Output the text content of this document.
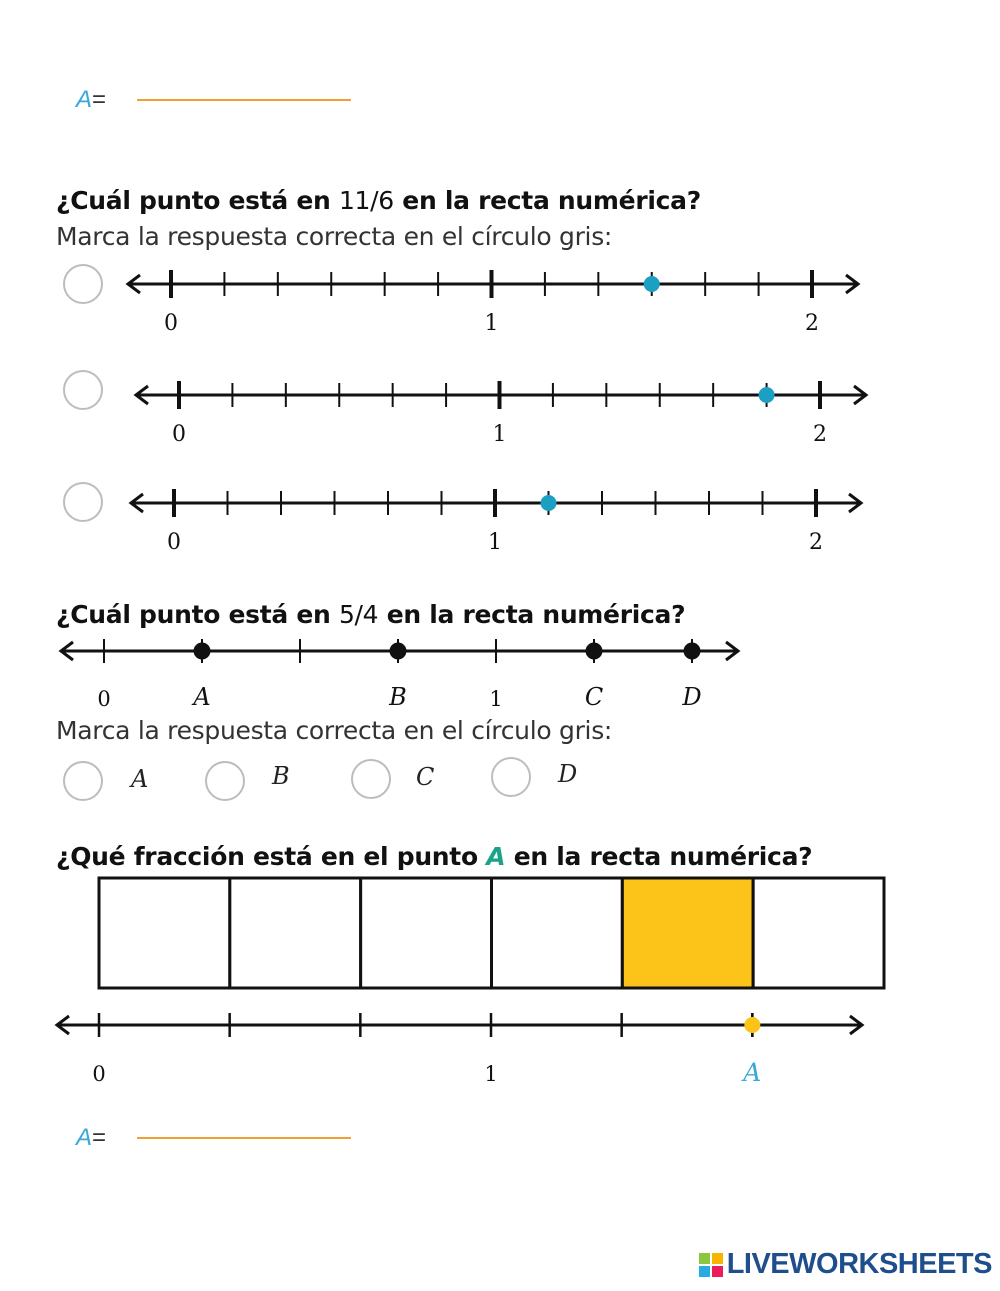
A=
¿Cuál punto está en 11/6 en la recta numérica?
Marca la respuesta correcta en el círculo gris:
0	1	2
0	1	2
0	1	2
¿Cuál punto está en 5/4 en la recta numérica?
A	B	C	D
0	1
Marca la respuesta correcta en el círculo gris:
A	B	C	D
¿Qué fracción está en el punto A en la recta numérica?
0	1	A
A=
LIVEWORKSHEETS
